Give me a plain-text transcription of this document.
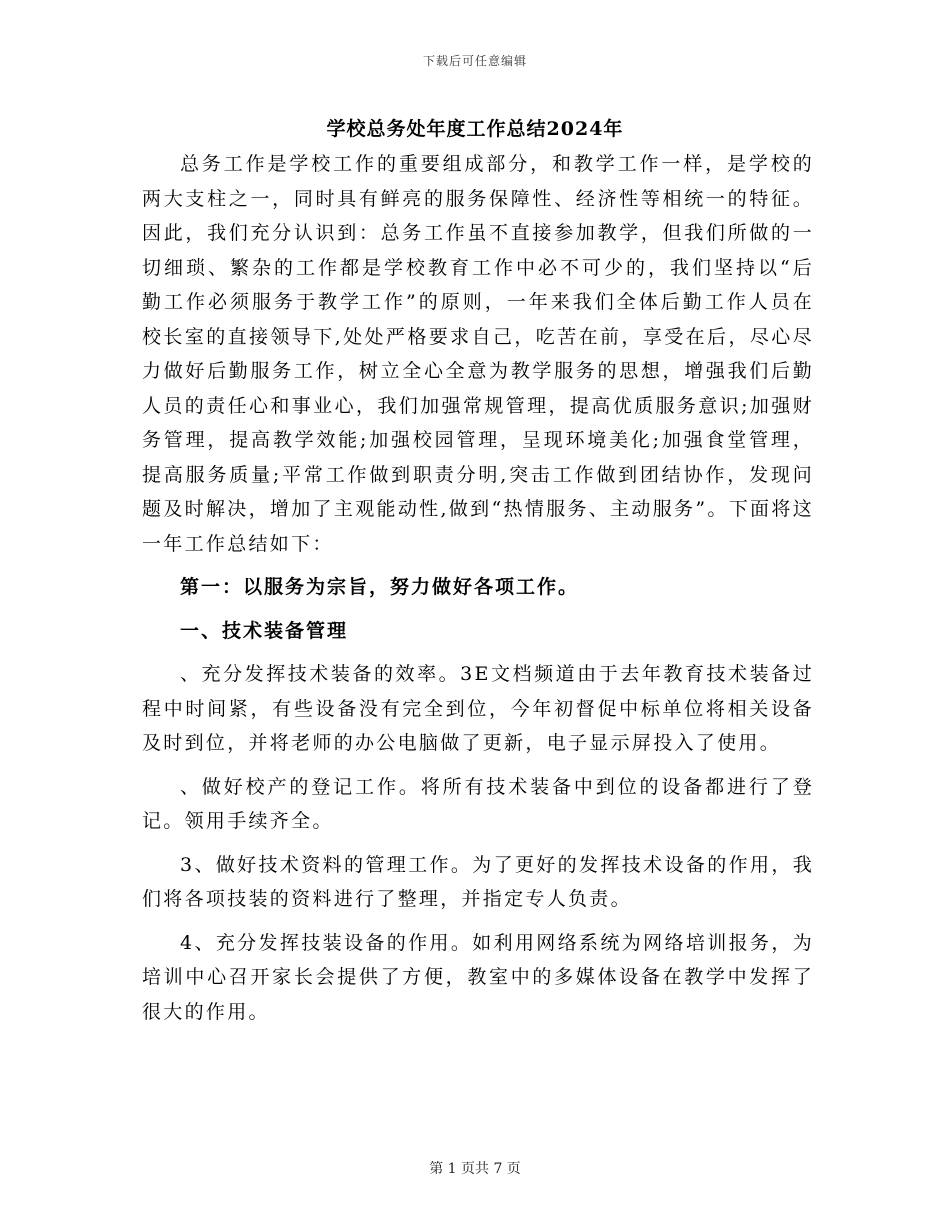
下载后可任意编辑
学校总务处年度工作总结2024年

总务工作是学校工作的重要组成部分，和教学工作一样，是学校的两大支柱之一，同时具有鲜亮的服务保障性、经济性等相统一的特征。因此，我们充分认识到：总务工作虽不直接参加教学，但我们所做的一切细琐、繁杂的工作都是学校教育工作中必不可少的，我们坚持以“后勤工作必须服务于教学工作”的原则，一年来我们全体后勤工作人员在校长室的直接领导下,处处严格要求自己，吃苦在前，享受在后，尽心尽力做好后勤服务工作，树立全心全意为教学服务的思想，增强我们后勤人员的责任心和事业心，我们加强常规管理，提高优质服务意识;加强财务管理，提高教学效能;加强校园管理，呈现环境美化;加强食堂管理，提高服务质量;平常工作做到职责分明,突击工作做到团结协作，发现问题及时解决，增加了主观能动性,做到“热情服务、主动服务”。下面将这一年工作总结如下：

第一：以服务为宗旨，努力做好各项工作。

一、技术装备管理

、充分发挥技术装备的效率。3E文档频道由于去年教育技术装备过程中时间紧，有些设备没有完全到位，今年初督促中标单位将相关设备及时到位，并将老师的办公电脑做了更新，电子显示屏投入了使用。

、做好校产的登记工作。将所有技术装备中到位的设备都进行了登记。领用手续齐全。

3、做好技术资料的管理工作。为了更好的发挥技术设备的作用，我们将各项技装的资料进行了整理，并指定专人负责。

4、充分发挥技装设备的作用。如利用网络系统为网络培训报务，为培训中心召开家长会提供了方便，教室中的多媒体设备在教学中发挥了很大的作用。

第 1 页共 7 页
